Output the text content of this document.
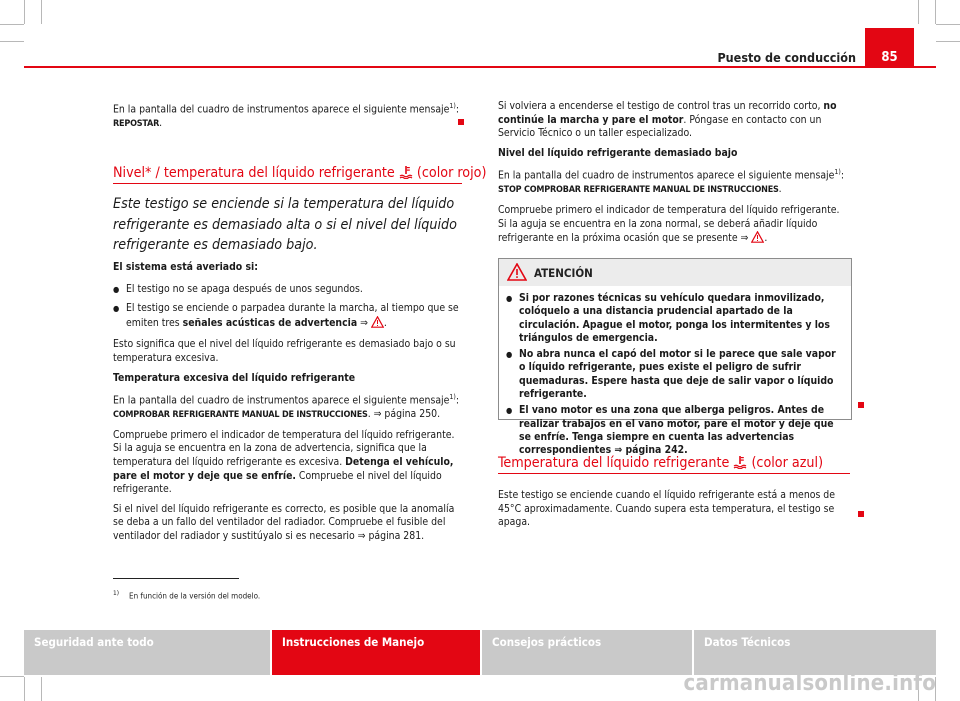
Puesto de conducción	85
En la pantalla del cuadro de instrumentos aparece el siguiente mensaje$^{1)}$:
REPOSTAR.
Nivel* / temperatura del líquido refrigerante (color rojo)
Este testigo se enciende si la temperatura del líquido refrigerante es demasiado alta o si el nivel del líquido refrigerante es demasiado bajo.

El sistema está averiado si:

● El testigo no se apaga después de unos segundos.

● El testigo se enciende o parpadea durante la marcha, al tiempo que se emiten tres señales acústicas de advertencia ⇒ .

Esto significa que el nivel del líquido refrigerante es demasiado bajo o su temperatura excesiva.

Temperatura excesiva del líquido refrigerante

En la pantalla del cuadro de instrumentos aparece el siguiente mensaje$^{1)}$:
COMPROBAR REFRIGERANTE MANUAL DE INSTRUCCIONES. ⇒ página 250.

Compruebe primero el indicador de temperatura del líquido refrigerante. Si la aguja se encuentra en la zona de advertencia, significa que la temperatura del líquido refrigerante es excesiva. Detenga el vehículo, pare el motor y deje que se enfríe. Compruebe el nivel del líquido refrigerante.

Si el nivel del líquido refrigerante es correcto, es posible que la anomalía se deba a un fallo del ventilador del radiador. Compruebe el fusible del ventilador del radiador y sustitúyalo si es necesario ⇒ página 281.

Si volviera a encenderse el testigo de control tras un recorrido corto, no continúe la marcha y pare el motor. Póngase en contacto con un Servicio Técnico o un taller especializado.

Nivel del líquido refrigerante demasiado bajo

En la pantalla del cuadro de instrumentos aparece el siguiente mensaje$^{1)}$:
STOP COMPROBAR REFRIGERANTE MANUAL DE INSTRUCCIONES.

Compruebe primero el indicador de temperatura del líquido refrigerante. Si la aguja se encuentra en la zona normal, se deberá añadir líquido refrigerante en la próxima ocasión que se presente ⇒ .

ATENCIÓN

● Si por razones técnicas su vehículo quedara inmovilizado, colóquelo a una distancia prudencial apartado de la circulación. Apague el motor, ponga los intermitentes y los triángulos de emergencia.

● No abra nunca el capó del motor si le parece que sale vapor o líquido refrigerante, pues existe el peligro de sufrir quemaduras. Espere hasta que deje de salir vapor o líquido refrigerante.

● El vano motor es una zona que alberga peligros. Antes de realizar trabajos en el vano motor, pare el motor y deje que se enfríe. Tenga siempre en cuenta las advertencias correspondientes ⇒ página 242.

Temperatura del líquido refrigerante (color azul)
Este testigo se enciende cuando el líquido refrigerante está a menos de 45°C aproximadamente. Cuando supera esta temperatura, el testigo se apaga.
$^{1)}$ En función de la versión del modelo.
Seguridad ante todo	Instrucciones de Manejo	Consejos prácticos	Datos Técnicos
carmanualsonline.info
